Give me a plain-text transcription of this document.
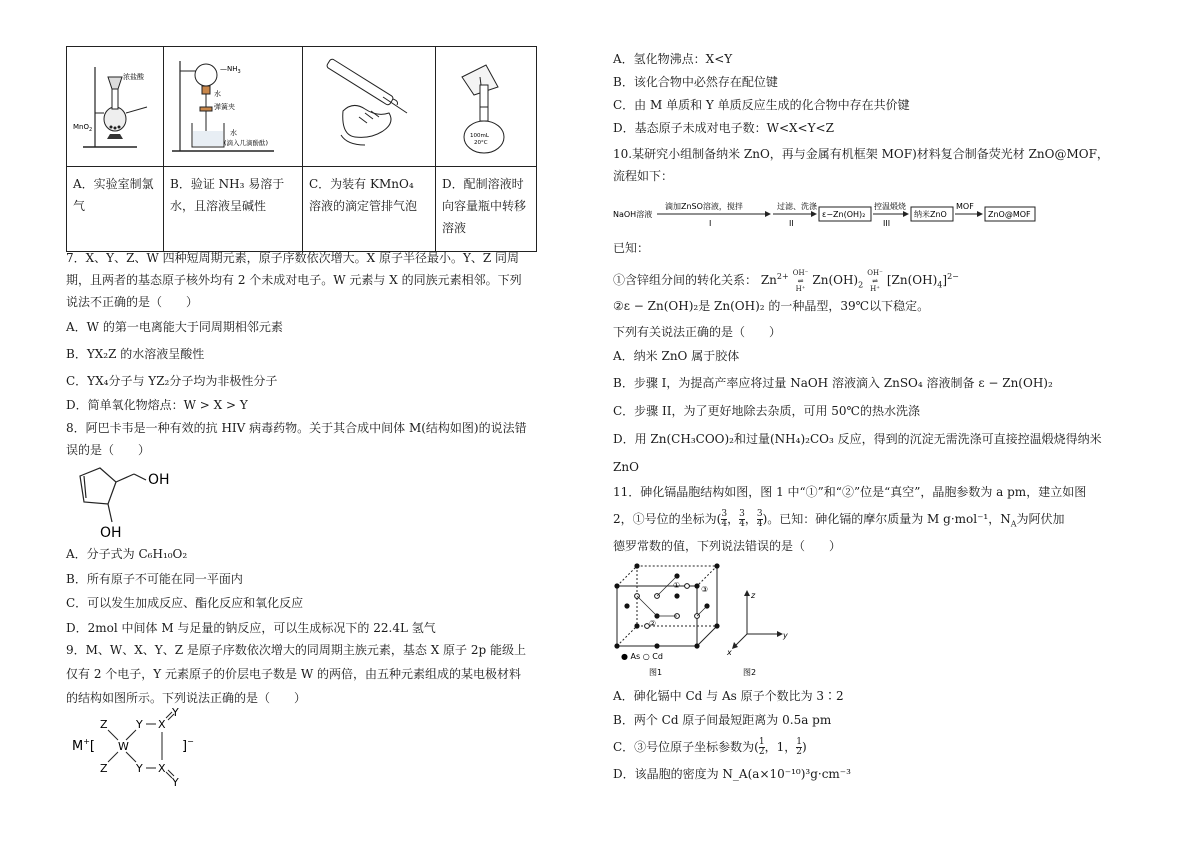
浓盐酸
MnO$_2$	$—NH_3$
水
弹簧夹
水
(滴入几滴酚酞)		100mL
20°C

A．实验室制氯气	B．验证 NH₃ 易溶于水，且溶液呈碱性	C．为装有 KMnO₄ 溶液的滴定管排气泡	D．配制溶液时向容量瓶中转移溶液
7．X、Y、Z、W 四种短周期元素，原子序数依次增大。X 原子半径最小。Y、Z 同周
期，且两者的基态原子核外均有 2 个未成对电子。W 元素与 X 的同族元素相邻。下列
说法不正确的是（　　）
A．W 的第一电离能大于同周期相邻元素
B．YX₂Z 的水溶液呈酸性
C．YX₄分子与 YZ₂分子均为非极性分子
D．简单氧化物熔点：W > X > Y
8．阿巴卡韦是一种有效的抗 HIV 病毒药物。关于其合成中间体 M(结构如图)的说法错
误的是（　　）
OH
OH
A．分子式为 C₆H₁₀O₂
B．所有原子不可能在同一平面内
C．可以发生加成反应、酯化反应和氧化反应
D．2mol 中间体 M 与足量的钠反应，可以生成标况下的 22.4L 氢气
9．M、W、X、Y、Z 是原子序数依次增大的同周期主族元素，基态 X 原子 2p 能级上
仅有 2 个电子，Y 元素原子的价层电子数是 W 的两倍，由五种元素组成的某电极材料
的结构如图所示。下列说法正确的是（　　）
M+[
Z
Z
W
Y
Y
X
X
Y
Y
]−
A．氢化物沸点：X<Y
B．该化合物中必然存在配位键
C．由 M 单质和 Y 单质反应生成的化合物中存在共价键
D．基态原子未成对电子数：W<X<Y<Z
10.某研究小组制备纳米 ZnO，再与金属有机框架 MOF)材料复合制备荧光材 ZnO@MOF，
流程如下：
NaOH溶液
滴加ZnSO溶液，搅拌
I
过滤、洗涤
II
ε−Zn(OH)₂
控温煅烧
III
纳米ZnO
MOF
ZnO@MOF
已知：
①含锌组分间的转化关系： $Zn^{2+}$ OH⁻
⇌
H⁺
$Zn(OH)_2$
OH⁻
⇌
H⁺
$[Zn(OH)_4]^{2-}$
②ε − Zn(OH)₂是 Zn(OH)₂ 的一种晶型，39℃以下稳定。
下列有关说法正确的是（　　）
A．纳米 ZnO 属于胶体
B．步骤 I，为提高产率应将过量 NaOH 溶液滴入 ZnSO₄ 溶液制备 ε − Zn(OH)₂
C．步骤 II，为了更好地除去杂质，可用 50℃的热水洗涤
D．用 Zn(CH₃COO)₂和过量(NH₄)₂CO₃ 反应，得到的沉淀无需洗涤可直接控温煅烧得纳米
ZnO
11．砷化镉晶胞结构如图，图 1 中“①”和“②”位是“真空”，晶胞参数为 a pm，建立如图
2，①号位的坐标为( $\frac{3}{4}$ ， $\frac{3}{4}$ ， $\frac{3}{4}$ )。已知：砷化镉的摩尔质量为 M g·mol⁻¹，$N_A$为阿伏加
德罗常数的值，下列说法错误的是（　　）
①
②
③
● As ○ Cd
图1
z
y
x
图2
A．砷化镉中 Cd 与 As 原子个数比为 3∶2
B．两个 Cd 原子间最短距离为 0.5a pm
C．③号位原子坐标参数为( $\frac{1}{2}$ ，1， $\frac{1}{2}$ )
D．该晶胞的密度为 N_A(a×10⁻¹⁰)³g·cm⁻³
